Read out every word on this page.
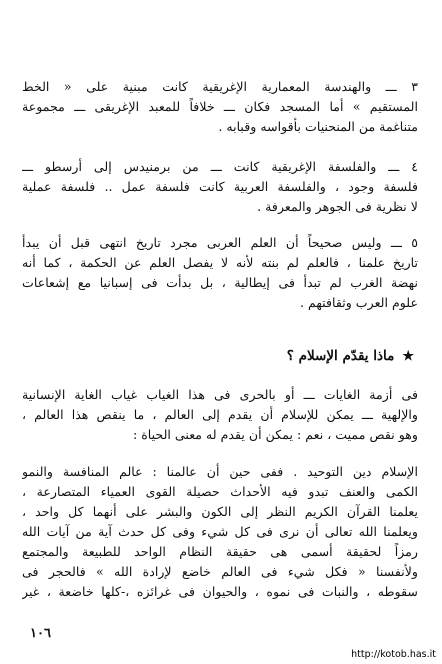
٣ ـــ والهندسة المعمارية الإغريقية كانت مبنية على « الخط
المستقيم » أما المسجد فكان ـــ خلافاً للمعبد الإغريقى ـــ مجموعة
متناغمة من المنحنيات بأقواسه وقبابه .
٤ ـــ والفلسفة الإغريقية كانت ـــ من برمنيدس إلى أرسطو ـــ
فلسفة وجود ، والفلسفة العربية كانت فلسفة عمل .. فلسفة عملية
لا نظرية فى الجوهر والمعرفة .
٥ ـــ وليس صحيحاً أن العلم العربى مجرد تاريخ انتهى قبل أن يبدأ
تاريخ علمنا ، فالعلم لم بنته لأنه لا يفصل العلم عن الحكمة ، كما أنه
نهضة الغرب لم تبدأ فى إيطالية ، بل بدأت فى إسبانيا مع إشعاعات
علوم العرب وثقافتهم .
★ماذا يقدّم الإسلام ؟
فى أزمة الغايات ـــ أو بالحرى فى هذا الغياب غياب الغاية الإنسانية
والإلهية ـــ يمكن للإسلام أن يقدم إلى العالم ، ما ينقص هذا العالم ،
وهو نقص مميت ، نعم : يمكن أن يقدم له معنى الحياة :
الإسلام دين التوحيد . ففى حين أن عالمنا : عالم المنافسة والنمو
الكمى والعنف تبدو فيه الأحداث حصيلة القوى العمياء المتصارعة ،
يعلمنا القرآن الكريم النظر إلى الكون والبشر على أنهما كل واحد ،
ويعلمنا الله تعالى أن نرى فى كل شيء وفى كل حدث آية من آيات الله
رمزاً لحقيقة أسمى هى حقيقة النظام الواحد للطبيعة والمجتمع
ولأنفسنا « فكل شيء فى العالم خاضع لإرادة الله » فالحجر فى
سقوطه ، والنبات فى نموه ، والحيوان فى غرائزه ،-كلها خاضعة ، غير
١٠٦
http://kotob.has.it
